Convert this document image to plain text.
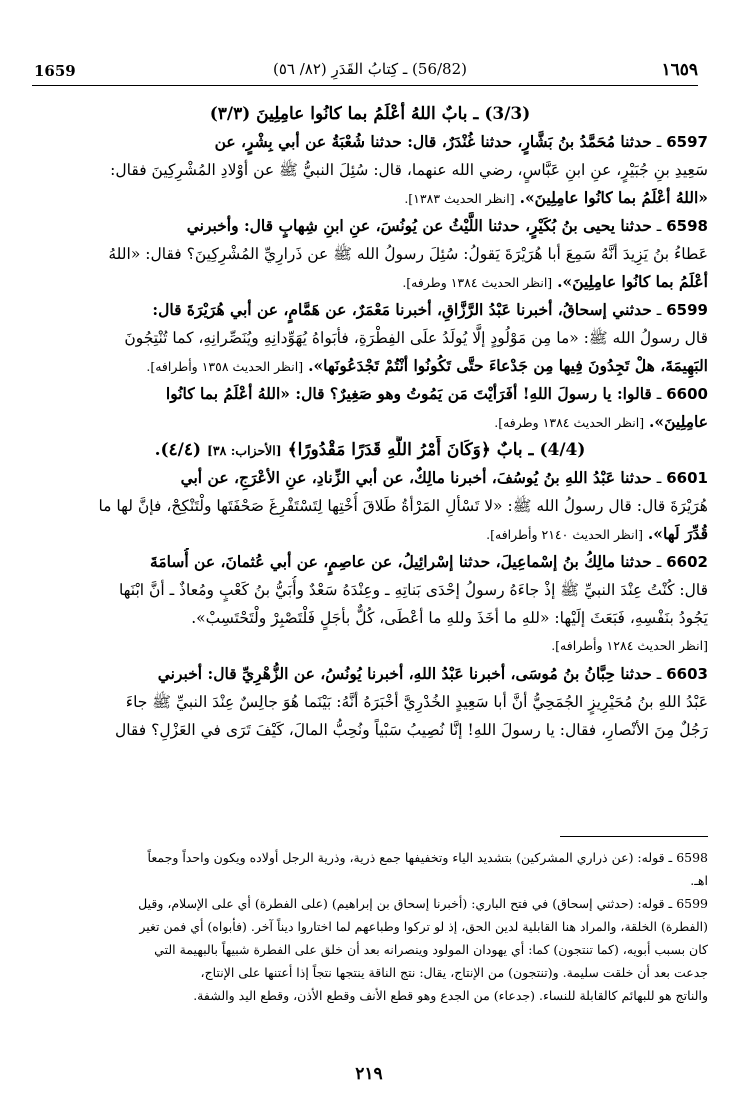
1659	(56/82) ـ كِتابُ القَدَرِ (٨٢/ ٥٦)	١٦٥٩
(3/3) ـ بابٌ اللهُ أعْلَمُ بما كانُوا عامِلِينَ (٣/٣)
6597 ـ حدثنا مُحَمَّدُ بنُ بَشَّارٍ، حدثنا غُنْدَرٌ، قال: حدثنا شُعْبَةُ عن أبي بِشْرٍ، عن
سَعِيدِ بنِ جُبَيْرٍ، عنِ ابنِ عَبَّاسٍ، رضي الله عنهما، قال: سُئِلَ النبيُّ ﷺ عن أوْلادِ المُشْرِكِينَ فقال:
«اللهُ أعْلَمُ بما كانُوا عامِلِينَ». [انظر الحديث ١٣٨٣].
6598 ـ حدثنا يحيى بنُ بُكَيْرٍ، حدثنا اللَّيْثُ عن يُونُسَ، عنِ ابنِ شِهابٍ قال: وأخبرني
عَطاءُ بنُ يَزِيدَ أنَّهُ سَمِعَ أبا هُرَيْرَةَ يَقولُ: سُئِلَ رسولُ الله ﷺ عن ذَرارِيِّ المُشْرِكِينَ؟ فقال: «اللهُ
أعْلَمُ بما كانُوا عامِلِينَ». [انظر الحديث ١٣٨٤ وطرفه].
6599 ـ حدثني إسحاقُ، أخبرنا عَبْدُ الرَّزَّاقِ، أخبرنا مَعْمَرٌ، عن هَمَّامٍ، عن أبي هُرَيْرَةَ قال:
قال رسولُ الله ﷺ: «ما مِن مَوْلُودٍ إلَّا يُولَدُ علَى الفِطْرَةِ، فأبَواهُ يُهَوِّدانِهِ ويُنَصِّرانِهِ، كما تُنْتِجُونَ
البَهِيمَةَ، هلْ تَجِدُونَ فِيها مِن جَدْعاءَ حتَّى تَكُونُوا أنْتُمْ تَجْدَعُونَها». [انظر الحديث ١٣٥٨ وأطرافه].
6600 ـ قالوا: يا رسولَ اللهِ! أفَرَأيْتَ مَن يَمُوتُ وهو صَغِيرٌ؟ قال: «اللهُ أعْلَمُ بما كانُوا
عامِلِينَ». [انظر الحديث ١٣٨٤ وطرفه].
(4/4) ـ بابٌ ﴿وَكَانَ أَمْرُ اللَّهِ قَدَرًا مَقْدُورًا﴾ [الأحزاب: ٣٨] (٤/٤).
6601 ـ حدثنا عَبْدُ اللهِ بنُ يُوسُفَ، أخبرنا مالِكٌ، عن أبي الزِّنادِ، عنِ الأعْرَجِ، عن أبي
هُرَيْرَةَ قال: قال رسولُ الله ﷺ: «لا تَسْألِ المَرْأةُ طَلاقَ أُخْتِها لِتَسْتَفْرِغَ صَحْفَتَها ولْتَنْكِحْ، فإنَّ لها ما
قُدِّرَ لَها». [انظر الحديث ٢١٤٠ وأطرافه].
6602 ـ حدثنا مالِكُ بنُ إسْماعِيلَ، حدثنا إسْرائِيلُ، عن عاصِمٍ، عن أبي عُثمانَ، عن أُسامَةَ
قال: كُنْتُ عِنْدَ النبيِّ ﷺ إذْ جاءَهُ رسولُ إحْدَى بَناتِهِ ـ وعِنْدَهُ سَعْدٌ وأُبَيُّ بنُ كَعْبٍ ومُعاذٌ ـ أنَّ ابْنَها
يَجُودُ بنَفْسِهِ، فَبَعَثَ إلَيْها: «للهِ ما أخَذَ وللهِ ما أعْطَى، كُلٌّ بأجَلٍ فَلْتَصْبِرْ ولْتَحْتَسِبْ».
[انظر الحديث ١٢٨٤ وأطرافه].
6603 ـ حدثنا حِبَّانُ بنُ مُوسَى، أخبرنا عَبْدُ اللهِ، أخبرنا يُونُسُ، عن الزُّهْرِيِّ قال: أخبرني
عَبْدُ اللهِ بنُ مُحَيْرِيزٍ الجُمَحِيُّ أنَّ أبا سَعِيدٍ الخُدْرِيَّ أخْبَرَهُ أنَّهُ: بَيْنَما هُوَ جالِسٌ عِنْدَ النبيِّ ﷺ جاءَ
رَجُلٌ مِنَ الأنْصارِ، فقال: يا رسولَ اللهِ! إنَّا نُصِيبُ سَبْياً ونُحِبُّ المالَ، كَيْفَ تَرَى في العَزْلِ؟ فقال
6598 ـ قوله: (عن ذراري المشركين) بتشديد الياء وتخفيفها جمع ذرية، وذرية الرجل أولاده ويكون واحداً وجمعاً
اهـ.
6599 ـ قوله: (حدثني إسحاق) في فتح الباري: (أخبرنا إسحاق بن إبراهيم) (على الفطرة) أي على الإسلام، وقيل
(الفطرة) الخلقة، والمراد هنا القابلية لدين الحق، إذ لو تركوا وطباعهم لما اختاروا ديناً آخر. (فأبواه) أي فمن تغير
كان بسبب أبويه، (كما تنتجون) كما: أي يهودان المولود وينصرانه بعد أن خلق على الفطرة شبيهاً بالبهيمة التي
جدعت بعد أن خلقت سليمة. و(تنتجون) من الإنتاج، يقال: نتج الناقة ينتجها نتجاً إذا أعتنها على الإنتاج،
والناتج هو للبهائم كالقابلة للنساء. (جدعاء) من الجدع وهو قطع الأنف وقطع الأذن، وقطع اليد والشفة.
٢١٩
